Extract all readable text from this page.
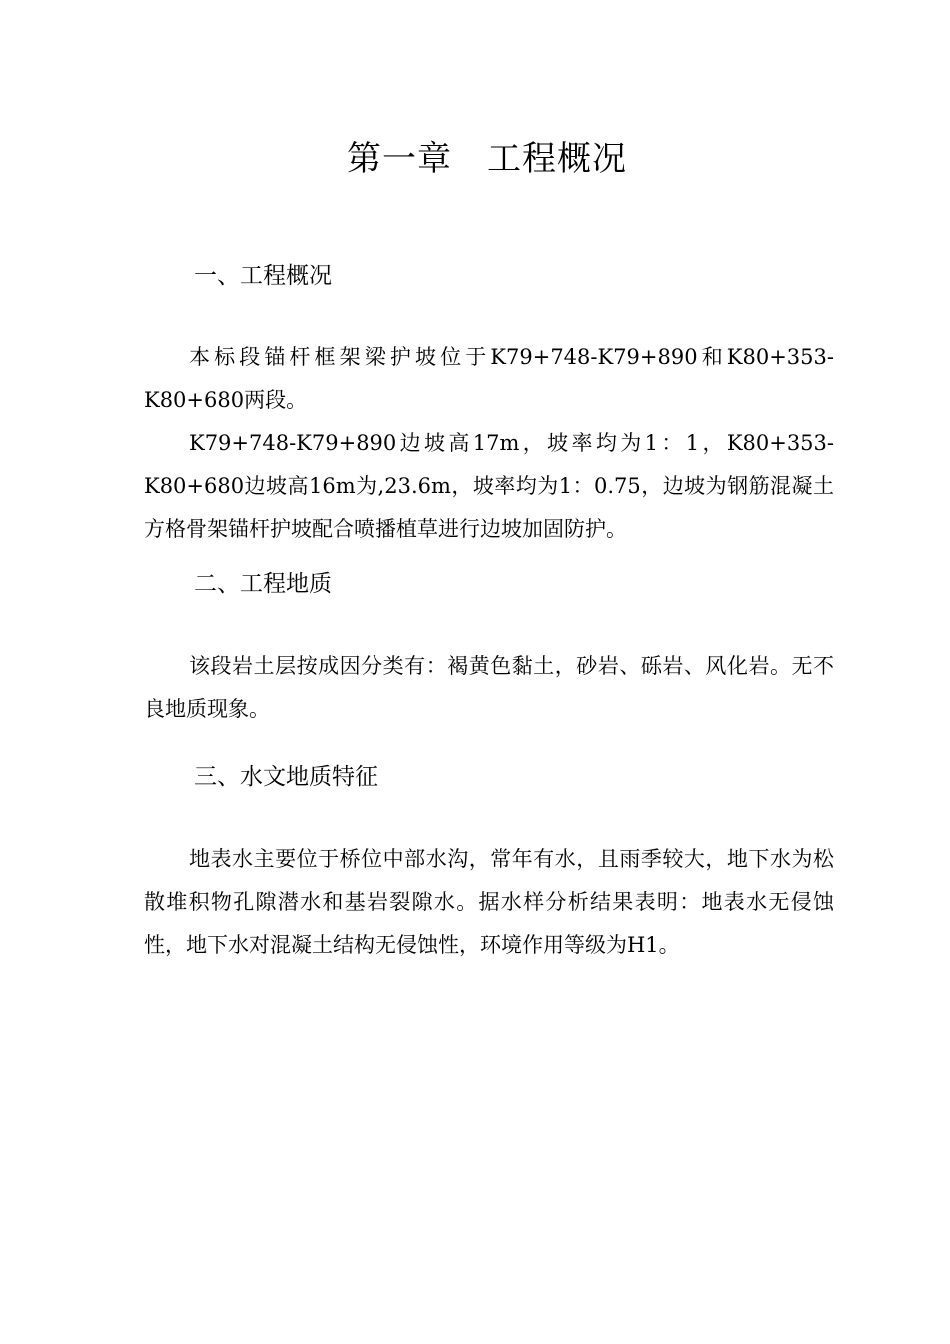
第一章　工程概况
一、工程概况

本标段锚杆框架梁护坡位于K79+748-K79+890和K80+353-K80+680两段。

K79+748-K79+890边坡高17m，坡率均为1：1，K80+353-K80+680边坡高16m为,23.6m，坡率均为1：0.75，边坡为钢筋混凝土方格骨架锚杆护坡配合喷播植草进行边坡加固防护。

二、工程地质

该段岩土层按成因分类有：褐黄色黏土，砂岩、砾岩、风化岩。无不良地质现象。

三、水文地质特征

地表水主要位于桥位中部水沟，常年有水，且雨季较大，地下水为松散堆积物孔隙潜水和基岩裂隙水。据水样分析结果表明：地表水无侵蚀性，地下水对混凝土结构无侵蚀性，环境作用等级为H1。
